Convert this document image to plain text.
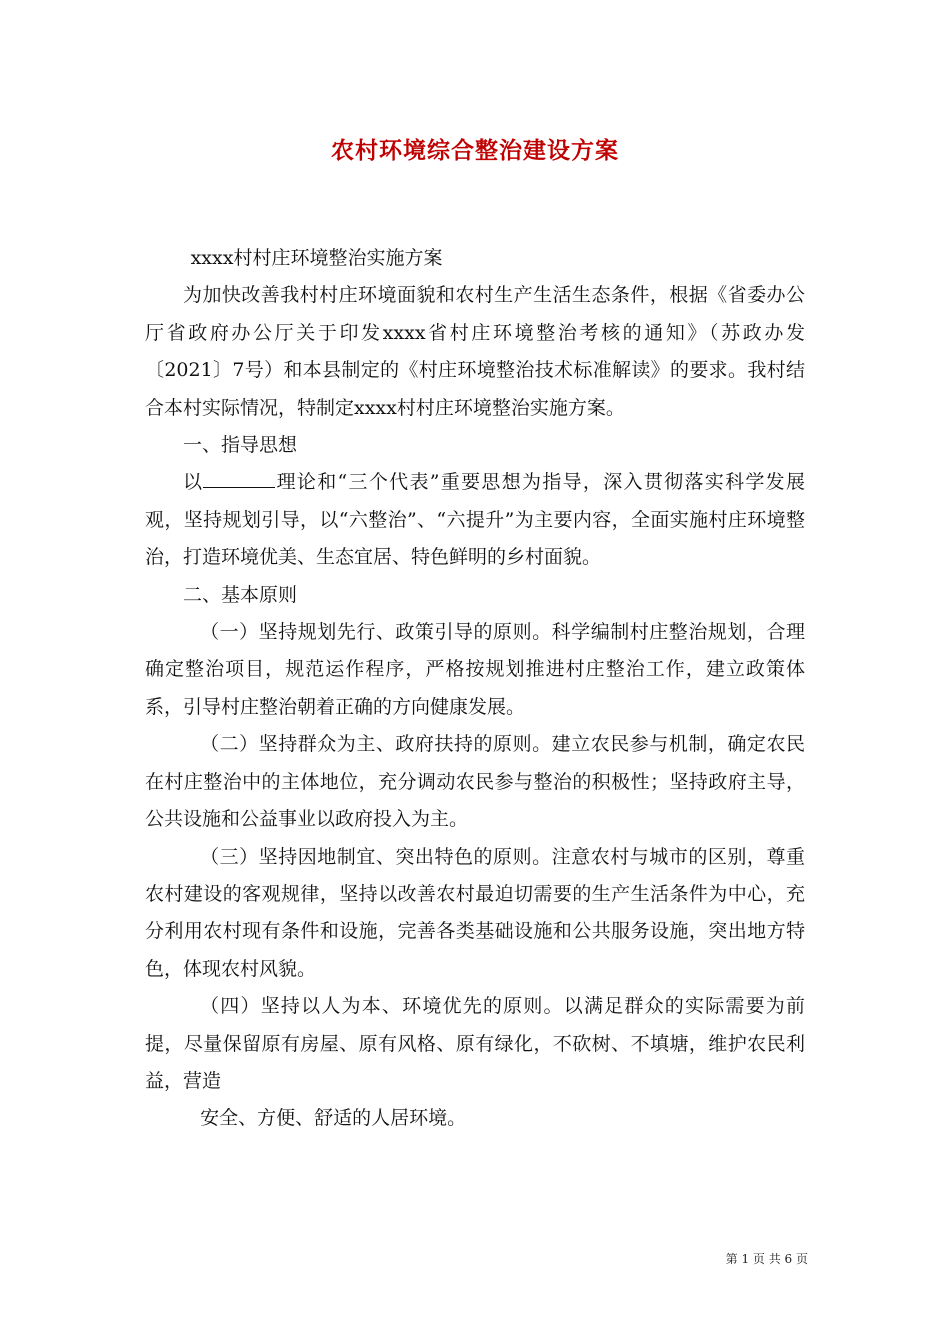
农村环境综合整治建设方案

xxxx村村庄环境整治实施方案

为加快改善我村村庄环境面貌和农村生产生活生态条件，根据《省委办公厅省政府办公厅关于印发xxxx省村庄环境整治考核的通知》（苏政办发〔2021〕7号）和本县制定的《村庄环境整治技术标准解读》的要求。我村结合本村实际情况，特制定xxxx村村庄环境整治实施方案。

一、指导思想

以	理论和“三个代表”重要思想为指导，深入贯彻落实科学发展观，坚持规划引导，以“六整治”、“六提升”为主要内容，全面实施村庄环境整治，打造环境优美、生态宜居、特色鲜明的乡村面貌。

二、基本原则

（一）坚持规划先行、政策引导的原则。科学编制村庄整治规划，合理确定整治项目，规范运作程序，严格按规划推进村庄整治工作，建立政策体系，引导村庄整治朝着正确的方向健康发展。

（二）坚持群众为主、政府扶持的原则。建立农民参与机制，确定农民在村庄整治中的主体地位，充分调动农民参与整治的积极性；坚持政府主导，公共设施和公益事业以政府投入为主。

（三）坚持因地制宜、突出特色的原则。注意农村与城市的区别，尊重农村建设的客观规律，坚持以改善农村最迫切需要的生产生活条件为中心，充分利用农村现有条件和设施，完善各类基础设施和公共服务设施，突出地方特色，体现农村风貌。

（四）坚持以人为本、环境优先的原则。以满足群众的实际需要为前提，尽量保留原有房屋、原有风格、原有绿化，不砍树、不填塘，维护农民利益，营造

安全、方便、舒适的人居环境。

第 1 页 共 6 页
